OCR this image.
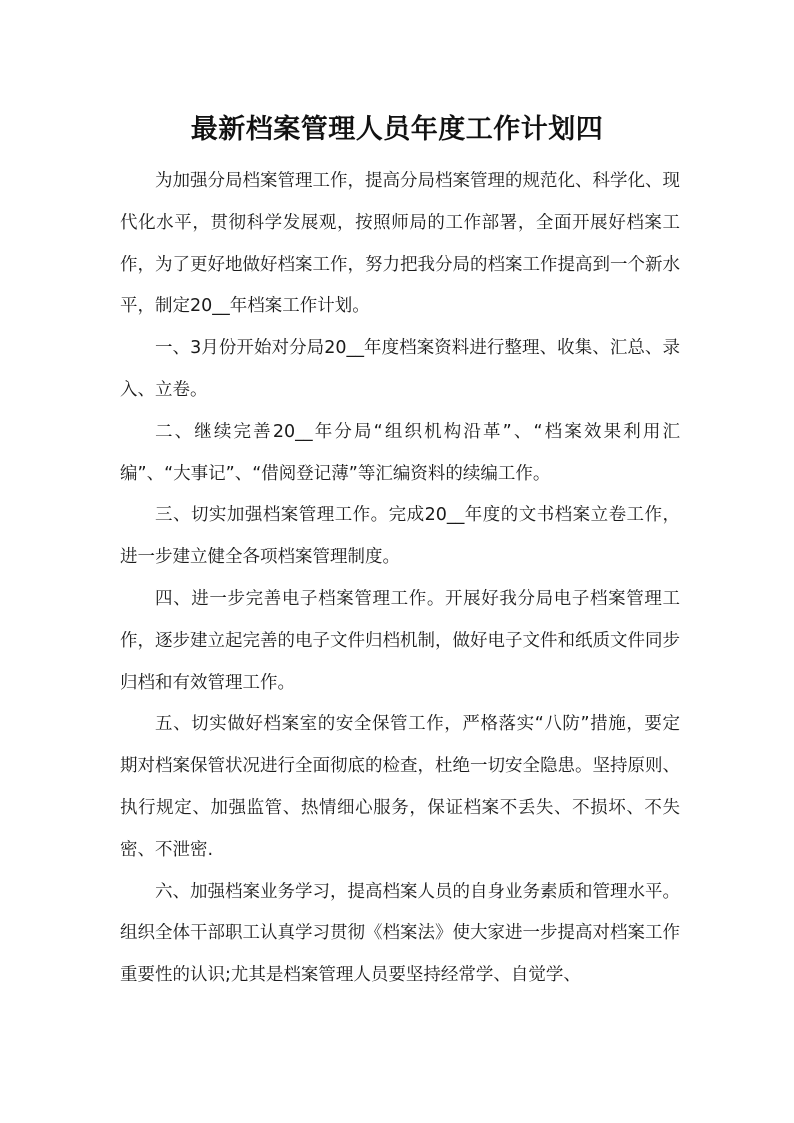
最新档案管理人员年度工作计划四

为加强分局档案管理工作，提高分局档案管理的规范化、科学化、现代化水平，贯彻科学发展观，按照师局的工作部署，全面开展好档案工作，为了更好地做好档案工作，努力把我分局的档案工作提高到一个新水平，制定20__年档案工作计划。

一、3月份开始对分局20__年度档案资料进行整理、收集、汇总、录入、立卷。

二、继续完善20__年分局“组织机构沿革”、“档案效果利用汇编”、“大事记”、“借阅登记薄”等汇编资料的续编工作。

三、切实加强档案管理工作。完成20__年度的文书档案立卷工作，进一步建立健全各项档案管理制度。

四、进一步完善电子档案管理工作。开展好我分局电子档案管理工作，逐步建立起完善的电子文件归档机制，做好电子文件和纸质文件同步归档和有效管理工作。

五、切实做好档案室的安全保管工作，严格落实“八防”措施，要定期对档案保管状况进行全面彻底的检查，杜绝一切安全隐患。坚持原则、执行规定、加强监管、热情细心服务，保证档案不丢失、不损坏、不失密、不泄密.

六、加强档案业务学习，提高档案人员的自身业务素质和管理水平。组织全体干部职工认真学习贯彻《档案法》使大家进一步提高对档案工作重要性的认识;尤其是档案管理人员要坚持经常学、自觉学、
